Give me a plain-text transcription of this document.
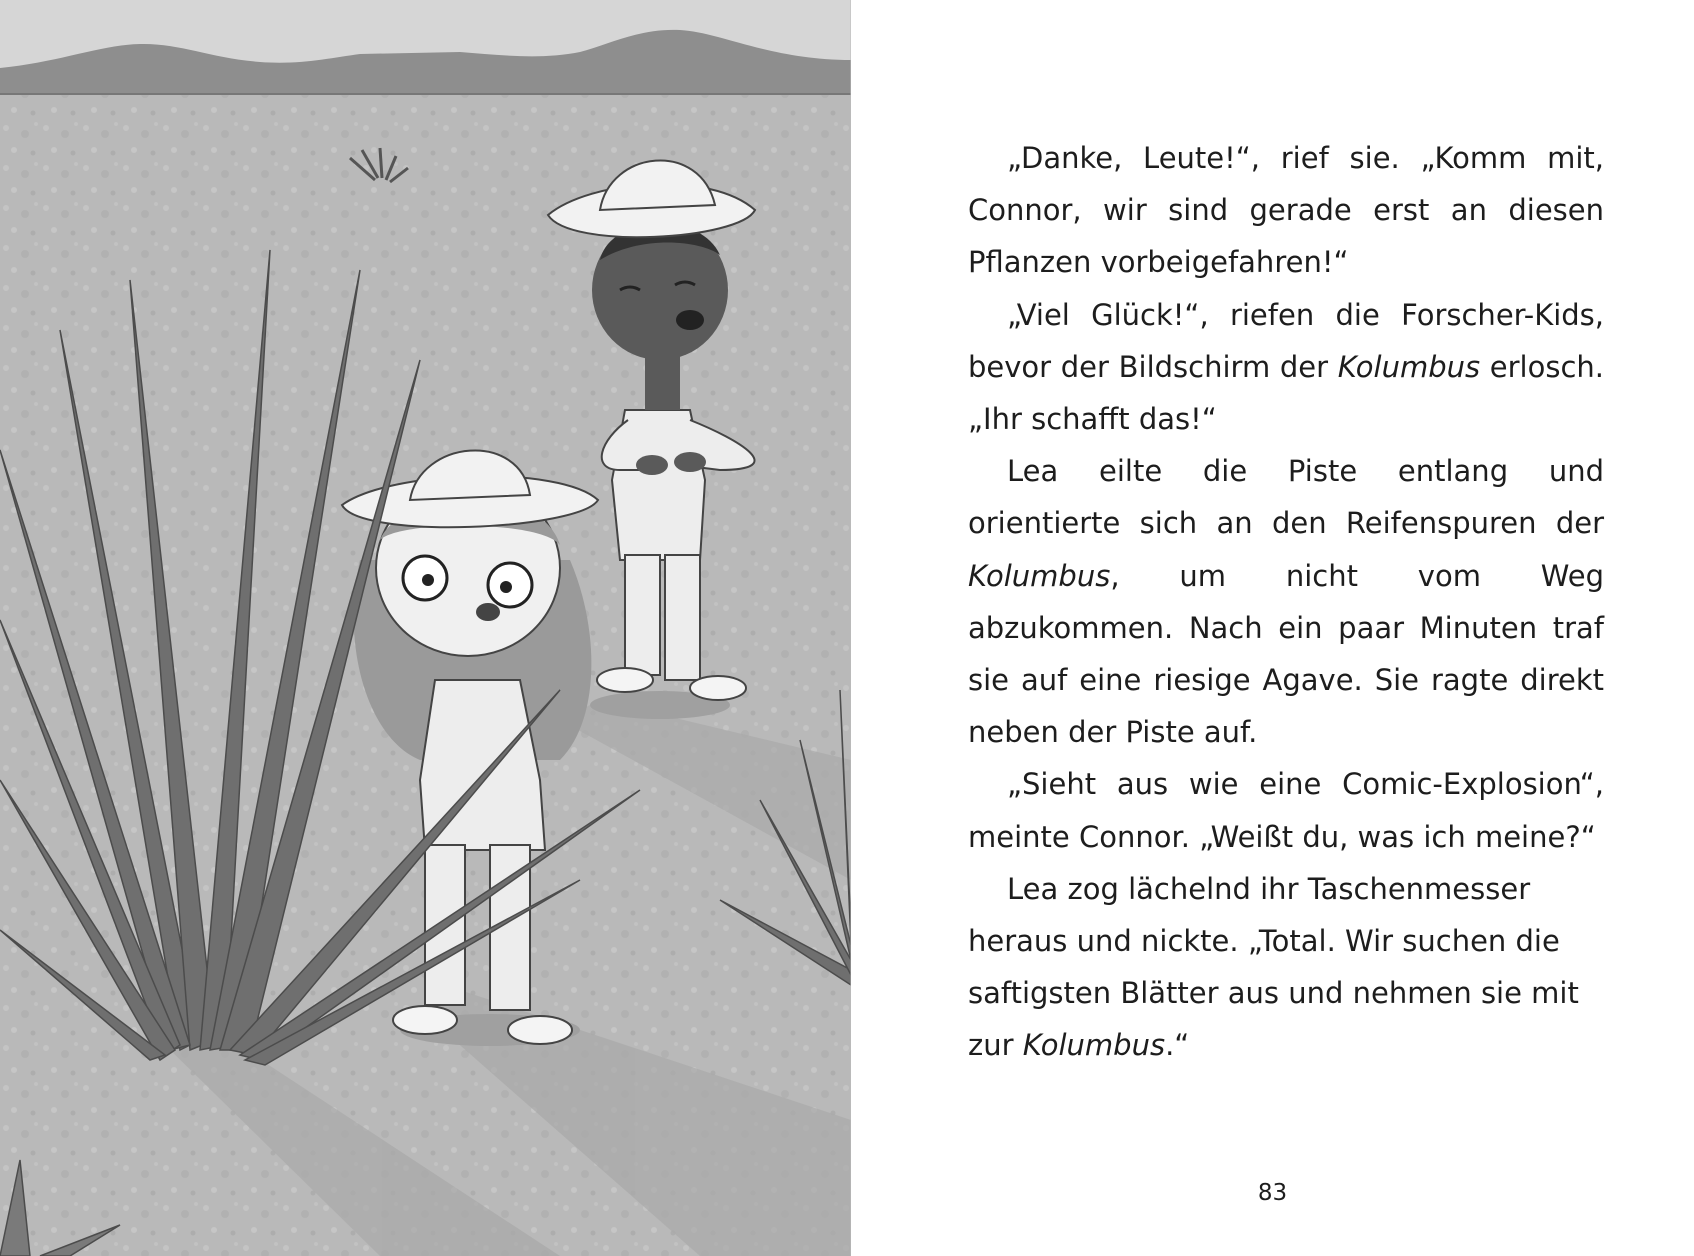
„Danke, Leute!“, rief sie. „Komm mit, Connor, wir sind gerade erst an diesen Pflanzen vorbeigefahren!“

„Viel Glück!“, riefen die Forscher-Kids, bevor der Bildschirm der Kolumbus erlosch. „Ihr schafft das!“

Lea eilte die Piste entlang und orientierte sich an den Reifenspuren der Kolumbus, um nicht vom Weg abzukommen. Nach ein paar Minuten traf sie auf eine riesige Agave. Sie ragte direkt neben der Piste auf.

„Sieht aus wie eine Comic-Explosion“, meinte Connor. „Weißt du, was ich meine?“

Lea zog lächelnd ihr Taschenmesser heraus und nickte. „Total. Wir suchen die saftigsten Blätter aus und nehmen sie mit zur Kolumbus.“

83
